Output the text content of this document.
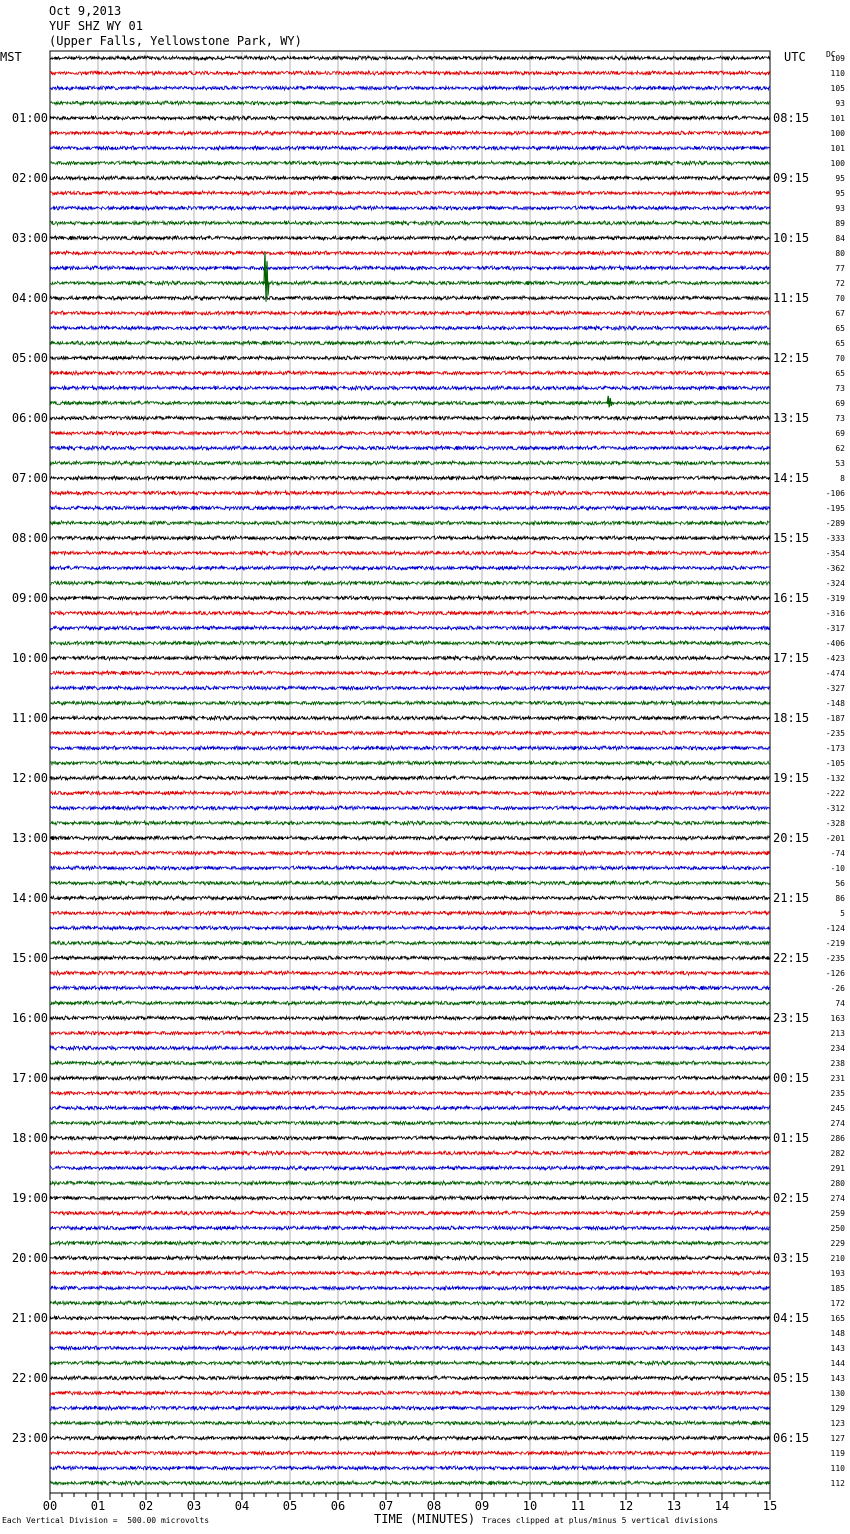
Oct 9,2013
YUF SHZ WY 01
(Upper Falls, Yellowstone Park, WY)
MST	UTC	DC
109
110
105
93
101
100
101
100
95
95
93
89
84
80
77
72
70
67
65
65
70
65
73
69
73
69
62
53
8
-106
-195
-289
-333
-354
-362
-324
-319
-316
-317
-406
-423
-474
-327
-148
-187
-235
-173
-105
-132
-222
-312
-328
-201
-74
-10
56
86
5
-124
-219
-235
-126
-26
74
163
213
234
238
231
235
245
274
286
282
291
280
274
259
250
229
210
193
185
172
165
148
143
144
143
130
129
123
127
119
110
112
01:00
02:00
03:00
04:00
05:00
06:00
07:00
08:00
09:00
10:00
11:00
12:00
13:00
14:00
15:00
16:00
17:00
18:00
19:00
20:00
21:00
22:00
23:00
08:15
09:15
10:15
11:15
12:15
13:15
14:15
15:15
16:15
17:15
18:15
19:15
20:15
21:15
22:15
23:15
00:15
01:15
02:15
03:15
04:15
05:15
06:15
00	01	02	03	04	05	06	07	08	09	10	11	12	13	14	15
Each Vertical Division =  500.00 microvolts	TIME (MINUTES) Traces clipped at plus/minus 5 vertical divisions
